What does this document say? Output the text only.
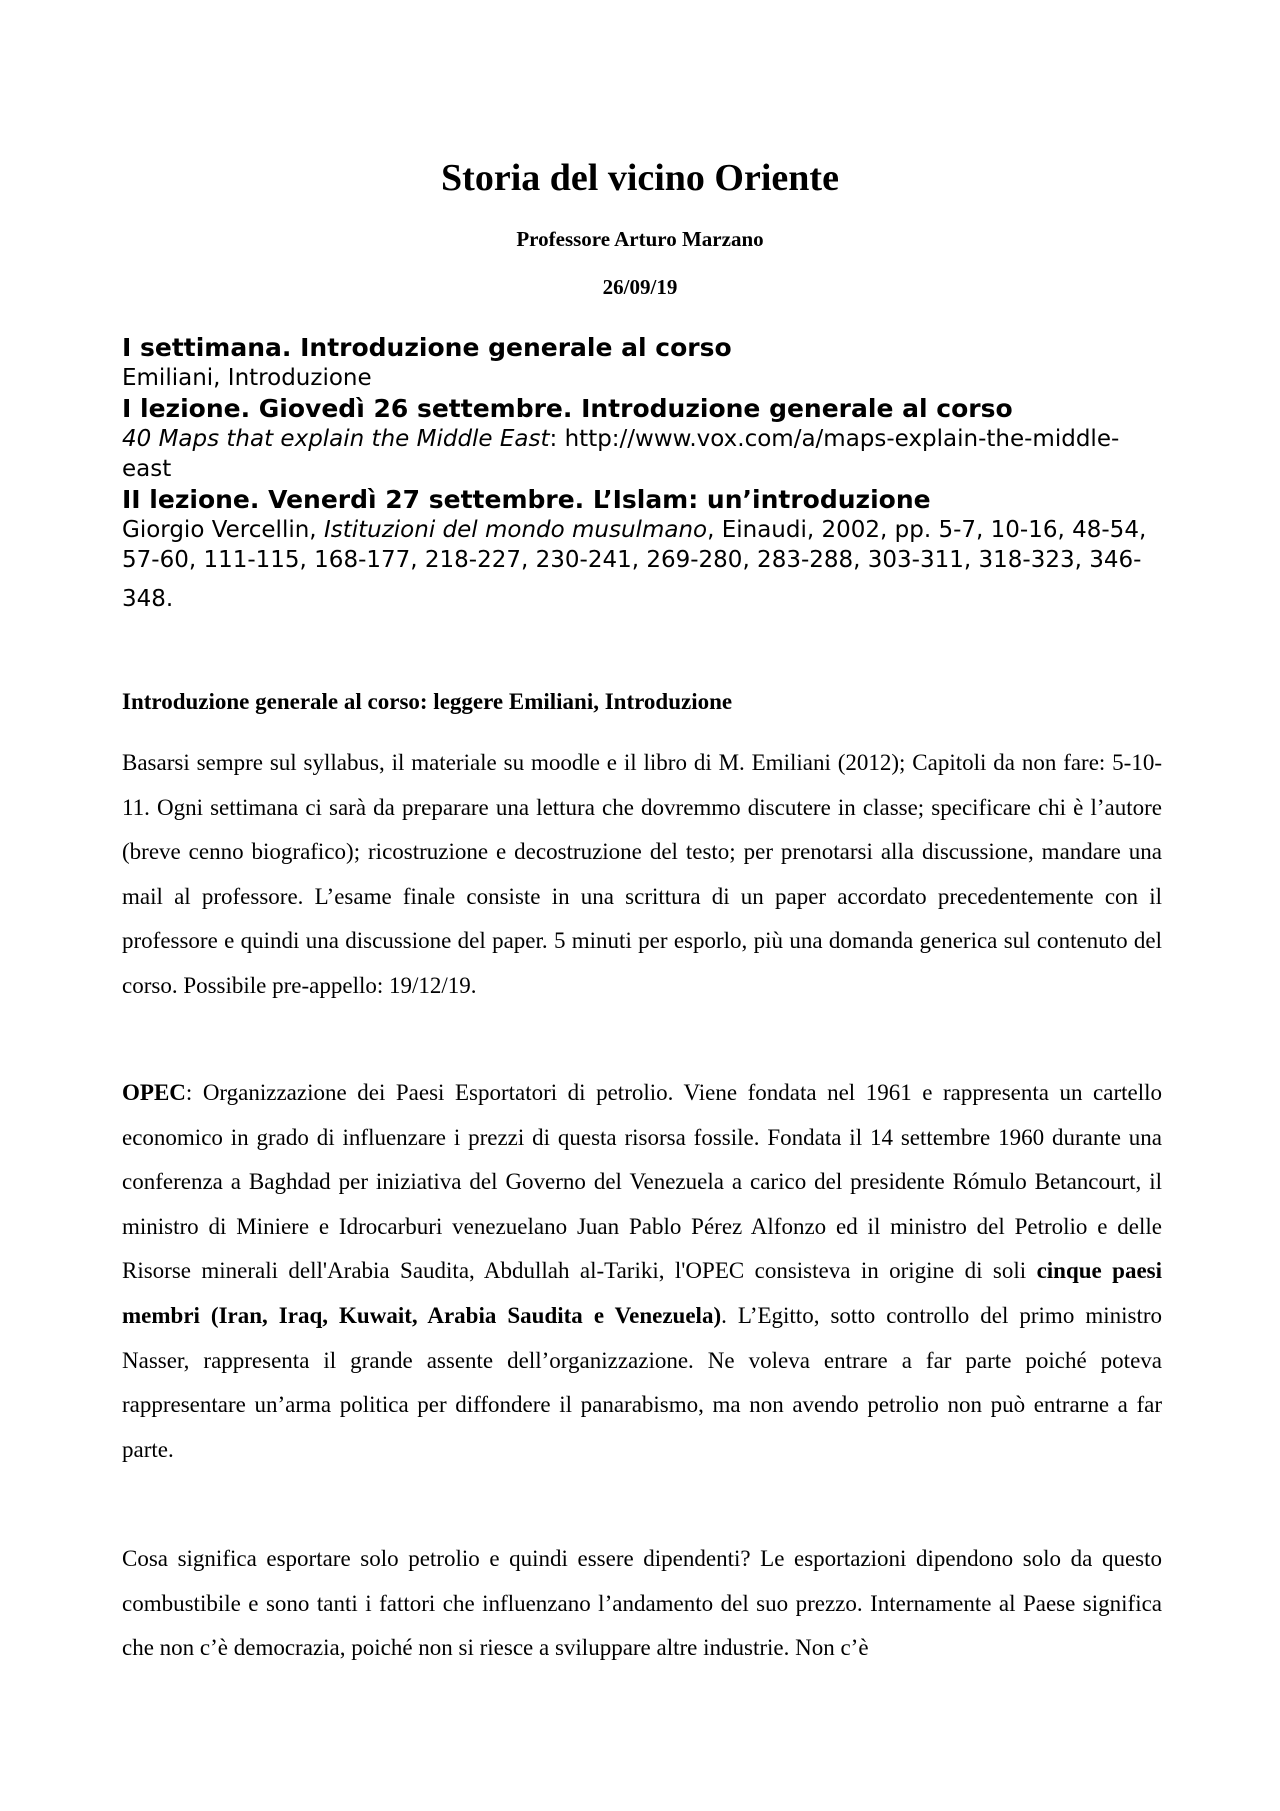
Storia del vicino Oriente

Professore Arturo Marzano

26/09/19

I settimana. Introduzione generale al corso
Emiliani, Introduzione
I lezione. Giovedì 26 settembre. Introduzione generale al corso
40 Maps that explain the Middle East: http://www.vox.com/a/maps-explain-the-middle-east
II lezione. Venerdì 27 settembre. L’Islam: un’introduzione
Giorgio Vercellin, Istituzioni del mondo musulmano, Einaudi, 2002, pp. 5-7, 10-16, 48-54, 57-60, 111-115, 168-177, 218-227, 230-241, 269-280, 283-288, 303-311, 318-323, 346-
348.

Introduzione generale al corso: leggere Emiliani, Introduzione

Basarsi sempre sul syllabus, il materiale su moodle e il libro di M. Emiliani (2012); Capitoli da non fare: 5-10-11. Ogni settimana ci sarà da preparare una lettura che dovremmo discutere in classe; specificare chi è l’autore (breve cenno biografico); ricostruzione e decostruzione del testo; per prenotarsi alla discussione, mandare una mail al professore. L’esame finale consiste in una scrittura di un paper accordato precedentemente con il professore e quindi una discussione del paper. 5 minuti per esporlo, più una domanda generica sul contenuto del corso. Possibile pre-appello: 19/12/19.

OPEC: Organizzazione dei Paesi Esportatori di petrolio. Viene fondata nel 1961 e rappresenta un cartello economico in grado di influenzare i prezzi di questa risorsa fossile. Fondata il 14 settembre 1960 durante una conferenza a Baghdad per iniziativa del Governo del Venezuela a carico del presidente Rómulo Betancourt, il ministro di Miniere e Idrocarburi venezuelano Juan Pablo Pérez Alfonzo ed il ministro del Petrolio e delle Risorse minerali dell'Arabia Saudita, Abdullah al-Tariki, l'OPEC consisteva in origine di soli cinque paesi membri (Iran, Iraq, Kuwait, Arabia Saudita e Venezuela). L’Egitto, sotto controllo del primo ministro Nasser, rappresenta il grande assente dell’organizzazione. Ne voleva entrare a far parte poiché poteva rappresentare un’arma politica per diffondere il panarabismo, ma non avendo petrolio non può entrarne a far parte.

Cosa significa esportare solo petrolio e quindi essere dipendenti? Le esportazioni dipendono solo da questo combustibile e sono tanti i fattori che influenzano l’andamento del suo prezzo. Internamente al Paese significa che non c’è democrazia, poiché non si riesce a sviluppare altre industrie. Non c’è
